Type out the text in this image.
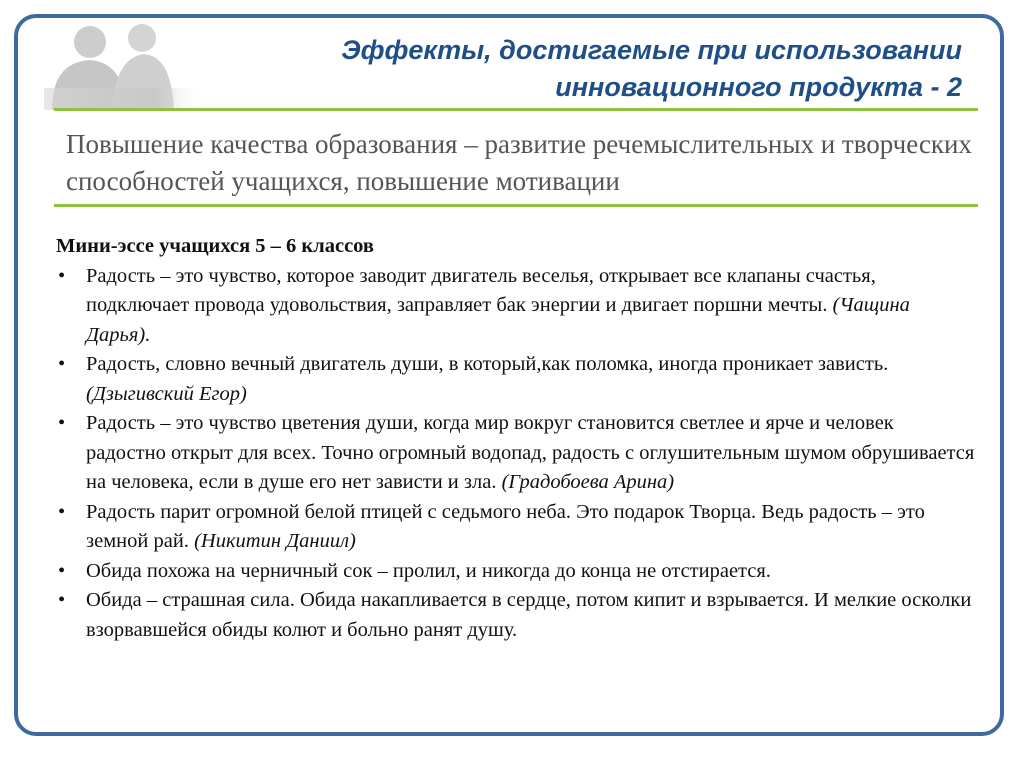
Эффекты, достигаемые при использовании
инновационного продукта - 2

Повышение качества образования – развитие речемыслительных и творческих способностей учащихся, повышение мотивации

Мини-эссе учащихся 5 – 6 классов

• Радость – это чувство, которое заводит двигатель веселья, открывает все клапаны счастья, подключает провода удовольствия, заправляет бак энергии и двигает поршни мечты. (Чащина Дарья).
• Радость, словно вечный двигатель души, в который,как поломка, иногда проникает зависть. (Дзыгивский Егор)
• Радость – это чувство цветения души, когда мир вокруг становится светлее и ярче и человек радостно открыт для всех. Точно огромный водопад, радость с оглушительным шумом обрушивается на человека, если в душе его нет зависти и зла. (Градобоева Арина)
• Радость парит огромной белой птицей с седьмого неба. Это подарок Творца. Ведь радость – это земной рай. (Никитин Даниил)
• Обида похожа на черничный сок – пролил, и никогда до конца не отстирается.
• Обида – страшная сила. Обида накапливается в сердце, потом кипит и взрывается. И мелкие осколки взорвавшейся обиды колют и больно ранят душу.
